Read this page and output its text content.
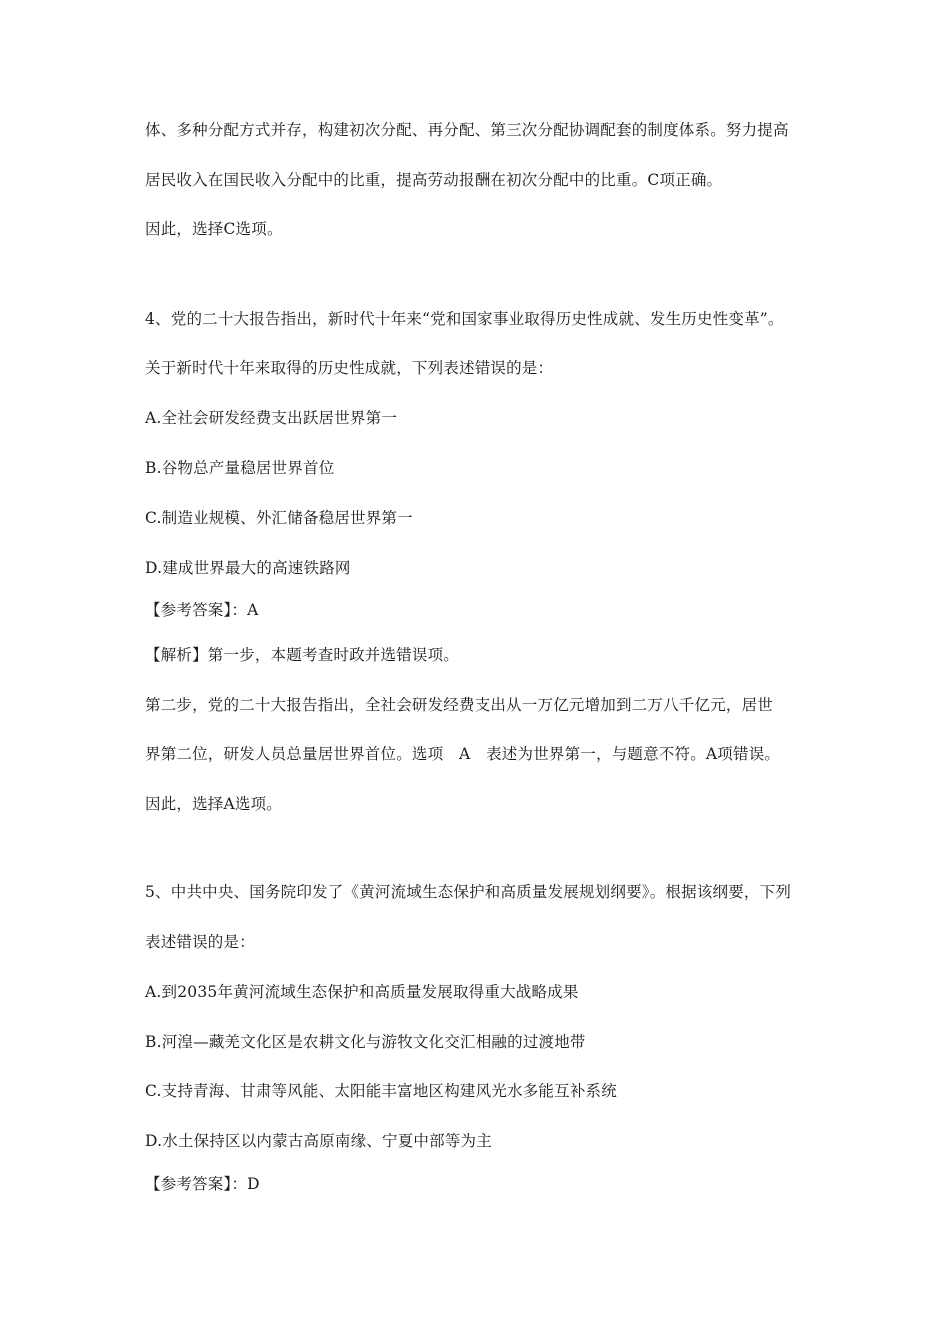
体、多种分配方式并存，构建初次分配、再分配、第三次分配协调配套的制度体系。努力提高
居民收入在国民收入分配中的比重，提高劳动报酬在初次分配中的比重。C项正确。
因此，选择C选项。
4、党的二十大报告指出，新时代十年来“党和国家事业取得历史性成就、发生历史性变革”。
关于新时代十年来取得的历史性成就，下列表述错误的是：
A.全社会研发经费支出跃居世界第一
B.谷物总产量稳居世界首位
C.制造业规模、外汇储备稳居世界第一
D.建成世界最大的高速铁路网
【参考答案】：A
【解析】第一步，本题考查时政并选错误项。
第二步，党的二十大报告指出，全社会研发经费支出从一万亿元增加到二万八千亿元，居世
界第二位，研发人员总量居世界首位。选项　A　表述为世界第一，与题意不符。A项错误。
因此，选择A选项。
5、中共中央、国务院印发了《黄河流域生态保护和高质量发展规划纲要》。根据该纲要，下列
表述错误的是：
A.到2035年黄河流域生态保护和高质量发展取得重大战略成果
B.河湟—藏羌文化区是农耕文化与游牧文化交汇相融的过渡地带
C.支持青海、甘肃等风能、太阳能丰富地区构建风光水多能互补系统
D.水土保持区以内蒙古高原南缘、宁夏中部等为主
【参考答案】：D
